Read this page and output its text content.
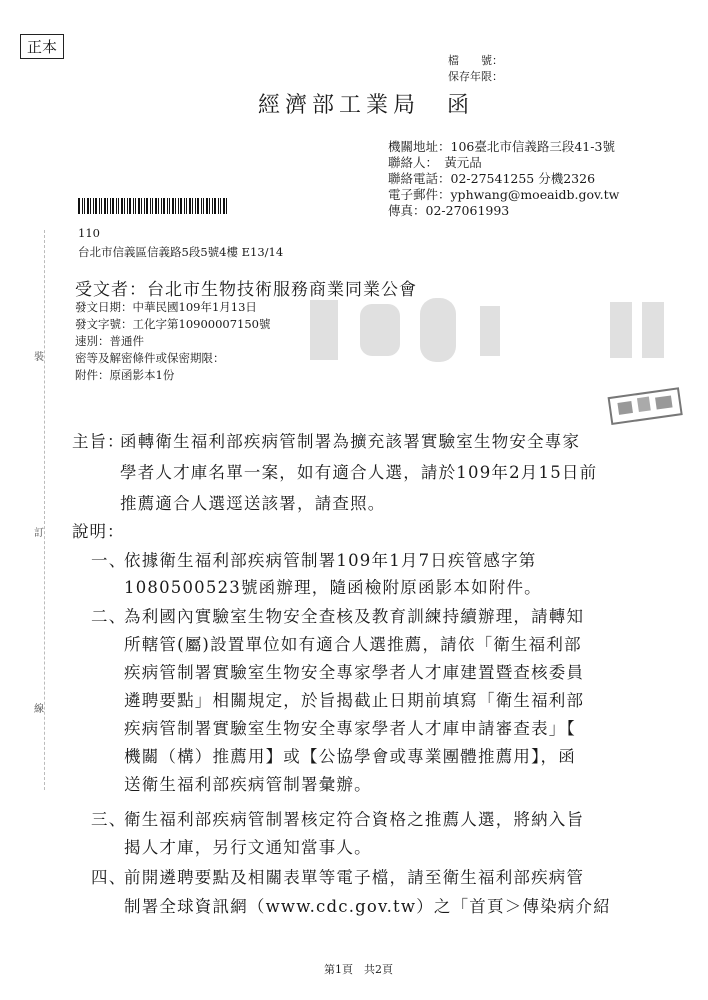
正本
檔　　號：
保存年限：
經濟部工業局　函
機關地址：106臺北市信義路三段41-3號
聯絡人：　黃元品
聯絡電話：02-27541255 分機2326
電子郵件：yphwang@moeaidb.gov.tw
傳真：02-27061993
110
台北市信義區信義路5段5號4樓 E13/14
受文者：台北市生物技術服務商業同業公會
發文日期：中華民國109年1月13日
發文字號：工化字第10900007150號
速別：普通件
密等及解密條件或保密期限：
附件：原函影本1份
裝
訂
線
主旨：
函轉衛生福利部疾病管制署為擴充該署實驗室生物安全專家
學者人才庫名單一案，如有適合人選，請於109年2月15日前
推薦適合人選逕送該署，請查照。
說明：
一、
依據衛生福利部疾病管制署109年1月7日疾管感字第
1080500523號函辦理，隨函檢附原函影本如附件。
二、
為利國內實驗室生物安全查核及教育訓練持續辦理，請轉知
所轄管(屬)設置單位如有適合人選推薦，請依「衛生福利部
疾病管制署實驗室生物安全專家學者人才庫建置暨查核委員
遴聘要點」相關規定，於旨揭截止日期前填寫「衛生福利部
疾病管制署實驗室生物安全專家學者人才庫申請審查表」【
機關（構）推薦用】或【公協學會或專業團體推薦用】，函
送衛生福利部疾病管制署彙辦。
三、
衛生福利部疾病管制署核定符合資格之推薦人選，將納入旨
揭人才庫，另行文通知當事人。
四、
前開遴聘要點及相關表單等電子檔，請至衛生福利部疾病管
制署全球資訊網（www.cdc.gov.tw）之「首頁＞傳染病介紹
第1頁　共2頁
